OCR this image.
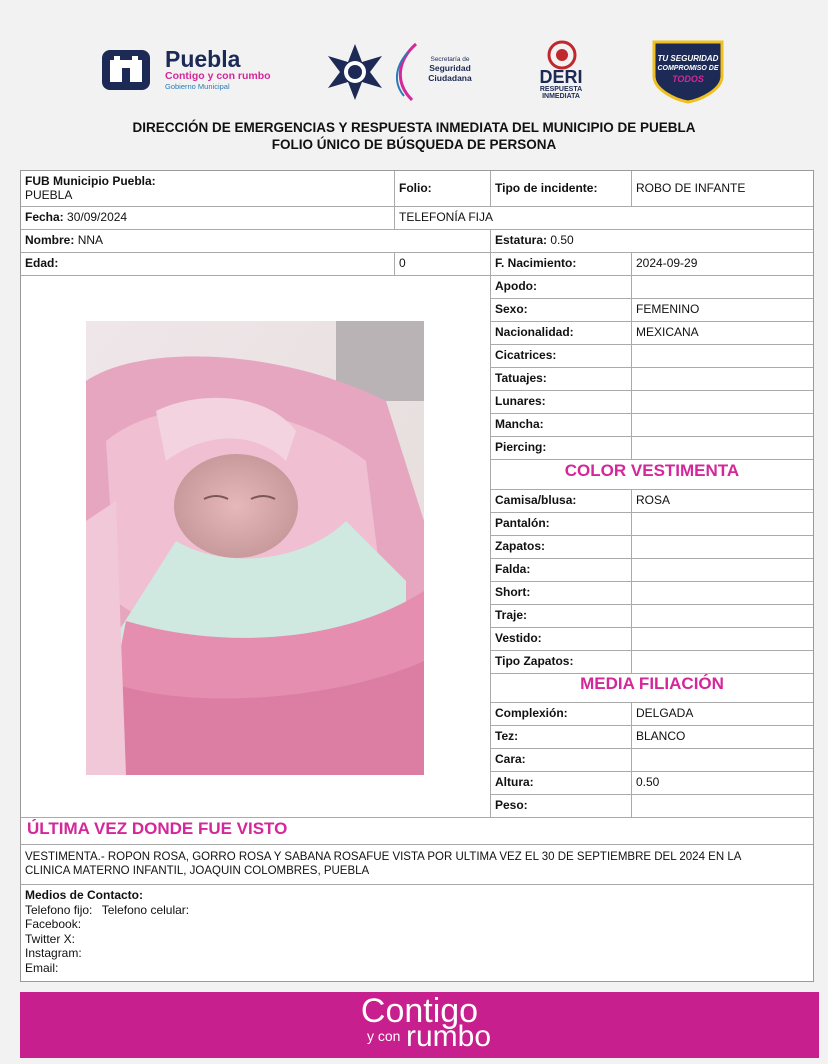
Puebla
Contigo y con rumbo
Gobierno Municipal
Secretaría de
Seguridad
Ciudadana	DERI
RESPUESTA
INMEDIATA
TU SEGURIDAD
COMPROMISO DE
TODOS
DIRECCIÓN DE EMERGENCIAS Y RESPUESTA INMEDIATA DEL MUNICIPIO DE PUEBLA
FOLIO ÚNICO DE BÚSQUEDA DE PERSONA
FUB Municipio Puebla:
PUEBLA	Folio:	Tipo de incidente:	ROBO DE INFANTE
Fecha: 30/09/2024	TELEFONÍA FIJA
Nombre: NNA	Estatura: 0.50
Edad:	0	F. Nacimiento:	2024-09-29
Apodo:
Sexo:	FEMENINO
Nacionalidad:	MEXICANA
Cicatrices:
Tatuajes:
Lunares:
Mancha:
Piercing:
COLOR VESTIMENTA
Camisa/blusa:	ROSA
Pantalón:
Zapatos:
Falda:
Short:
Traje:
Vestido:
Tipo Zapatos:
MEDIA FILIACIÓN
Complexión:	DELGADA
Tez:	BLANCO
Cara:
Altura:	0.50
Peso:
ÚLTIMA VEZ DONDE FUE VISTO
VESTIMENTA.- ROPON ROSA, GORRO ROSA Y SABANA ROSAFUE VISTA POR ULTIMA VEZ EL 30 DE SEPTIEMBRE DEL 2024 EN LA
CLINICA MATERNO INFANTIL, JOAQUIN COLOMBRES, PUEBLA
Medios de Contacto:
Telefono fijo: Telefono celular:
Facebook:
Twitter X:
Instagram:
Email:
Contigo
y con rumbo
